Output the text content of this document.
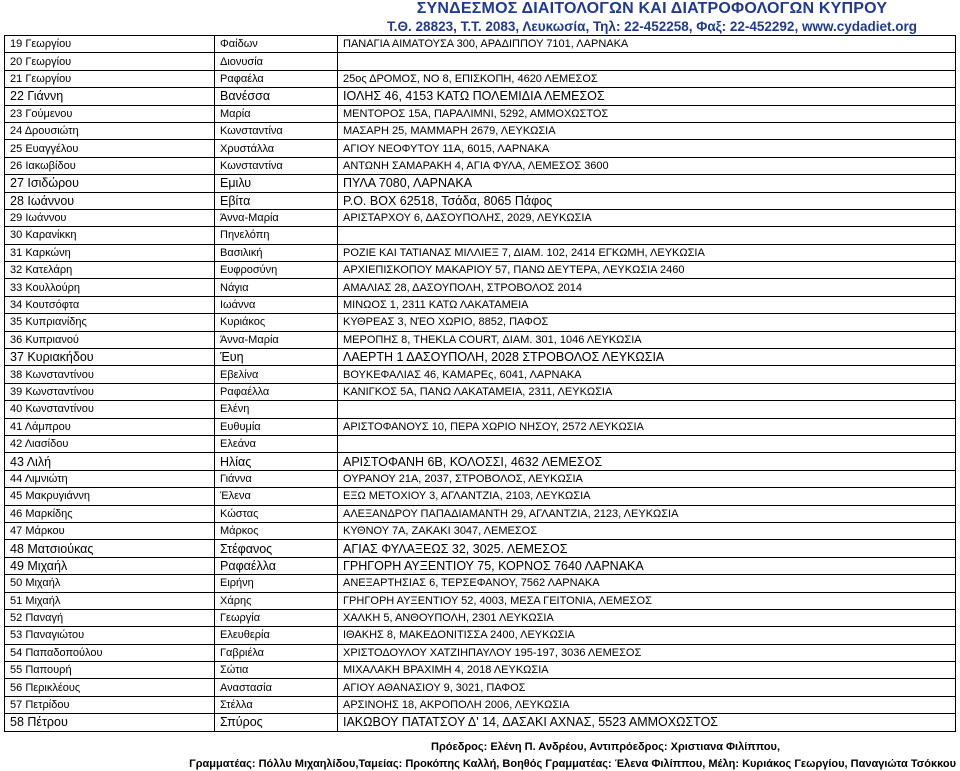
ΣΥΝΔΕΣΜΟΣ ΔΙΑΙΤΟΛΟΓΩΝ ΚΑΙ ΔΙΑΤΡΟΦΟΛΟΓΩΝ ΚΥΠΡΟΥ
Τ.Θ. 28823, Τ.Τ. 2083, Λευκωσία, Τηλ: 22-452258, Φαξ: 22-452292, www.cydadiet.org
19 Γεωργίου	Φαίδων	ΠΑΝΑΓΙΑ ΑΙΜΑΤΟΥΣΑ 300, ΑΡΑΔΙΠΠΟΥ 7101, ΛΑΡΝΑΚΑ
20 Γεωργίου	Διονυσία	
21 Γεωργίου	Ραφαέλα	25ος ΔΡΟΜΟΣ, ΝΟ 8, ΕΠΙΣΚΟΠΗ, 4620 ΛΕΜΕΣΟΣ
22 Γιάννη	Βανέσσα	ΙΟΛΗΣ 46, 4153 ΚΑΤΩ ΠΟΛΕΜΙΔΙΑ ΛΕΜΕΣΟΣ
23 Γούμενου	Μαρία	ΜΕΝΤΟΡΟΣ 15Α, ΠΑΡΑΛΙΜΝΙ, 5292, ΑΜΜΟΧΩΣΤΟΣ
24 Δρουσιώτη	Κωνσταντίνα	ΜΑΣΑΡΗ 25, ΜΑΜΜΑΡΗ 2679, ΛΕΥΚΩΣΙΑ
25 Ευαγγέλου	Χρυστάλλα	ΑΓΙΟΥ ΝΕΟΦΥΤΟΥ 11Α, 6015, ΛΑΡΝΑΚΑ
26 Ιακωβίδου	Κωνσταντίνα	ΑΝΤΩΝΗ ΣΑΜΑΡΑΚΗ 4, ΑΓΙΑ ΦΥΛΑ, ΛΕΜΕΣΟΣ 3600
27 Ισιδώρου	Εμιλυ	ΠΥΛΑ 7080, ΛΑΡΝΑΚΑ
28 Ιωάννου	Εβίτα	Ρ.Ο. ΒΟΧ 62518, Τσάδα, 8065 Πάφος
29 Ιωάννου	Άννα-Μαρία	ΑΡΙΣΤΑΡΧΟΥ 6, ΔΑΣΟΥΠΟΛΗΣ, 2029, ΛΕΥΚΩΣΙΑ
30 Καρανίκκη	Πηνελόπη	
31 Καρκώνη	Βασιλική	ΡΟΖΙΕ ΚΑΙ ΤΑΤΙΑΝΑΣ ΜΙΛΛΙΕΞ 7, ΔΙΑΜ. 102, 2414 ΕΓΚΩΜΗ, ΛΕΥΚΩΣΙΑ
32 Κατελάρη	Ευφροσύνη	ΑΡΧΙΕΠΙΣΚΟΠΟΥ ΜΑΚΑΡΙΟΥ 57, ΠΑΝΩ ΔΕΥΤΕΡΑ, ΛΕΥΚΩΣΙΑ 2460
33 Κουλλούρη	Νάγια	ΑΜΑΛΙΑΣ 28, ΔΑΣΟΥΠΟΛΗ, ΣΤΡΟΒΟΛΟΣ 2014
34 Κουτσόφτα	Ιωάννα	ΜΙΝΩΟΣ 1, 2311 ΚΑΤΩ ΛΑΚΑΤΑΜΕΙΑ
35 Κυπριανίδης	Κυριάκος	ΚΥΘΡΕΑΣ 3, ΝΈΟ ΧΩΡΙΟ, 8852, ΠΑΦΟΣ
36 Κυπριανού	Άννα-Μαρία	ΜΕΡΟΠΗΣ 8, THEKLA COURT, ΔΙΑΜ. 301, 1046 ΛΕΥΚΩΣΙΑ
37 Κυριακήδου	Έυη	ΛΑΕΡΤΗ 1 ΔΑΣΟΥΠΟΛΗ, 2028 ΣΤΡΟΒΟΛΟΣ ΛΕΥΚΩΣΙΑ
38 Κωνσταντίνου	Εβελίνα	ΒΟΥΚΕΦΑΛΙΑΣ 46, ΚΑΜΑΡΕς, 6041, ΛΑΡΝΑΚΑ
39 Κωνσταντίνου	Ραφαέλλα	ΚΑΝΙΓΚΟΣ 5Α, ΠΑΝΩ ΛΑΚΑΤΑΜΕΙΑ, 2311, ΛΕΥΚΩΣΙΑ
40 Κωνσταντίνου	Ελένη	
41 Λάμπρου	Ευθυμία	ΑΡΙΣΤΟΦΑΝΟΥΣ 10, ΠΕΡΑ ΧΩΡΙΟ ΝΗΣΟΥ, 2572 ΛΕΥΚΩΣΙΑ
42 Λιασίδου	Ελεάνα	
43 Λιλή	Ηλίας	ΑΡΙΣΤΟΦΑΝΗ 6Β, ΚΟΛΟΣΣΙ, 4632 ΛΕΜΕΣΟΣ
44 Λιμνιώτη	Γιάννα	ΟΥΡΑΝΟΥ 21Α, 2037, ΣΤΡΟΒΟΛΟΣ, ΛΕΥΚΩΣΙΑ
45 Μακρυγιάννη	Έλενα	ΕΞΩ ΜΕΤΟΧΙΟΥ 3, ΑΓΛΑΝΤΖΙΑ, 2103, ΛΕΥΚΩΣΙΑ
46 Μαρκίδης	Κώστας	ΑΛΕΞΑΝΔΡΟΥ ΠΑΠΑΔΙΑΜΑΝΤΗ 29, ΑΓΛΑΝΤΖΙΑ, 2123, ΛΕΥΚΩΣΙΑ
47 Μάρκου	Μάρκος	ΚΥΘΝΟΥ 7Α, ΖΑΚΑΚΙ 3047, ΛΕΜΕΣΟΣ
48 Ματσιούκας	Στέφανος	ΑΓΙΑΣ ΦΥΛΑΞΕΩΣ 32, 3025. ΛΕΜΕΣΟΣ
49 Μιχαήλ	Ραφαέλλα	ΓΡΗΓΟΡΗ ΑΥΞΕΝΤΙΟΥ 75, ΚΟΡΝΟΣ 7640 ΛΑΡΝΑΚΑ
50 Μιχαήλ	Ειρήνη	ΑΝΕΞΑΡΤΗΣΙΑΣ 6, ΤΕΡΣΕΦΑΝΟΥ, 7562 ΛΑΡΝΑΚΑ
51 Μιχαήλ	Χάρης	ΓΡΗΓΟΡΗ ΑΥΞΕΝΤΙΟΥ 52, 4003, ΜΕΣΑ ΓΕΙΤΟΝΙΑ, ΛΕΜΕΣΟΣ
52 Παναγή	Γεωργία	ΧΑΛΚΗ 5, ΑΝΘΟΥΠΟΛΗ, 2301 ΛΕΥΚΩΣΙΑ
53 Παναγιώτου	Ελευθερία	ΙΘΑΚΗΣ 8, ΜΑΚΕΔΟΝΙΤΙΣΣΑ 2400, ΛΕΥΚΩΣΙΑ
54 Παπαδοπούλου	Γαβριέλα	ΧΡΙΣΤΟΔΟΥΛΟΥ ΧΑΤΖΙΗΠΑΥΛΟΥ 195-197, 3036 ΛΕΜΕΣΟΣ
55 Παπουρή	Σώτια	ΜΙΧΑΛΑΚΗ ΒΡΑΧΙΜΗ 4, 2018 ΛΕΥΚΩΣΙΑ
56 Περικλέους	Αναστασία	ΑΓΙΟΥ ΑΘΑΝΑΣΙΟΥ 9, 3021, ΠΑΦΟΣ
57 Πετρίδου	Στέλλα	ΑΡΣΙΝΟΗΣ 18, ΑΚΡΟΠΟΛΗ 2006, ΛΕΥΚΩΣΙΑ
58 Πέτρου	Σπύρος	ΙΑΚΩΒΟΥ ΠΑΤΑΤΣΟΥ Δ' 14, ΔΑΣΑΚΙ ΑΧΝΑΣ, 5523 ΑΜΜΟΧΩΣΤΟΣ
Πρόεδρος: Ελένη Π. Ανδρέου, Αντιπρόεδρος: Χριστιανα Φιλίππου,
Γραμματέας: Πόλλυ Μιχαηλίδου,Ταμείας: Προκόπης Καλλή, Βοηθός Γραμματέας: Έλενα Φιλίππου, Μέλη: Κυριάκος Γεωργίου, Παναγιώτα Τσόκκου
